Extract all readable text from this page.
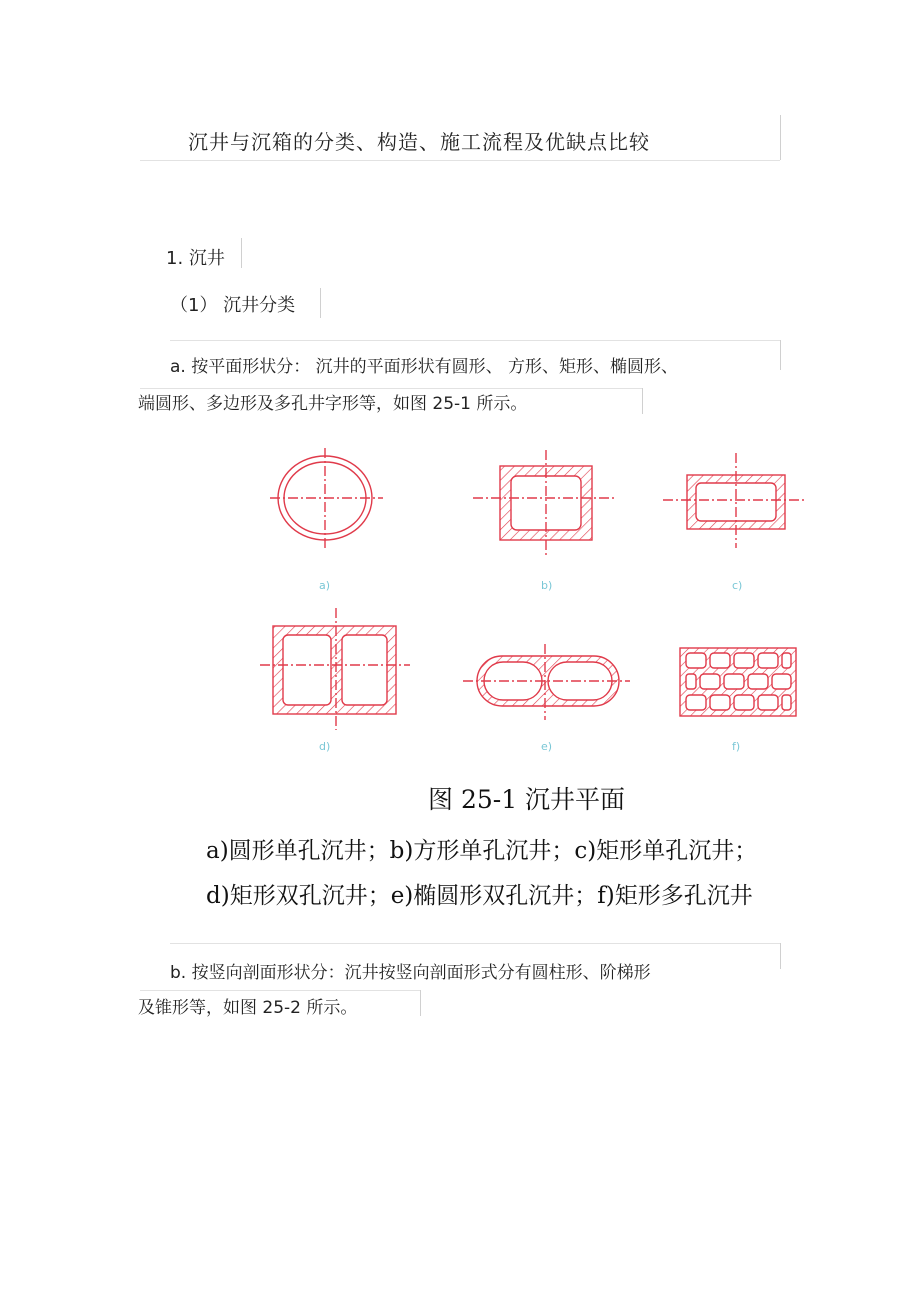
沉井与沉箱的分类、构造、施工流程及优缺点比较
1. 沉井
（1） 沉井分类
a. 按平面形状分： 沉井的平面形状有圆形、 方形、矩形、椭圆形、
端圆形、多边形及多孔井字形等，如图 25-1 所示。
a)	b)	c)
d)	e)	f)
图 25-1 沉井平面
a)圆形单孔沉井；b)方形单孔沉井；c)矩形单孔沉井；
d)矩形双孔沉井；e)椭圆形双孔沉井；f)矩形多孔沉井
b. 按竖向剖面形状分：沉井按竖向剖面形式分有圆柱形、阶梯形
及锥形等，如图 25-2 所示。
